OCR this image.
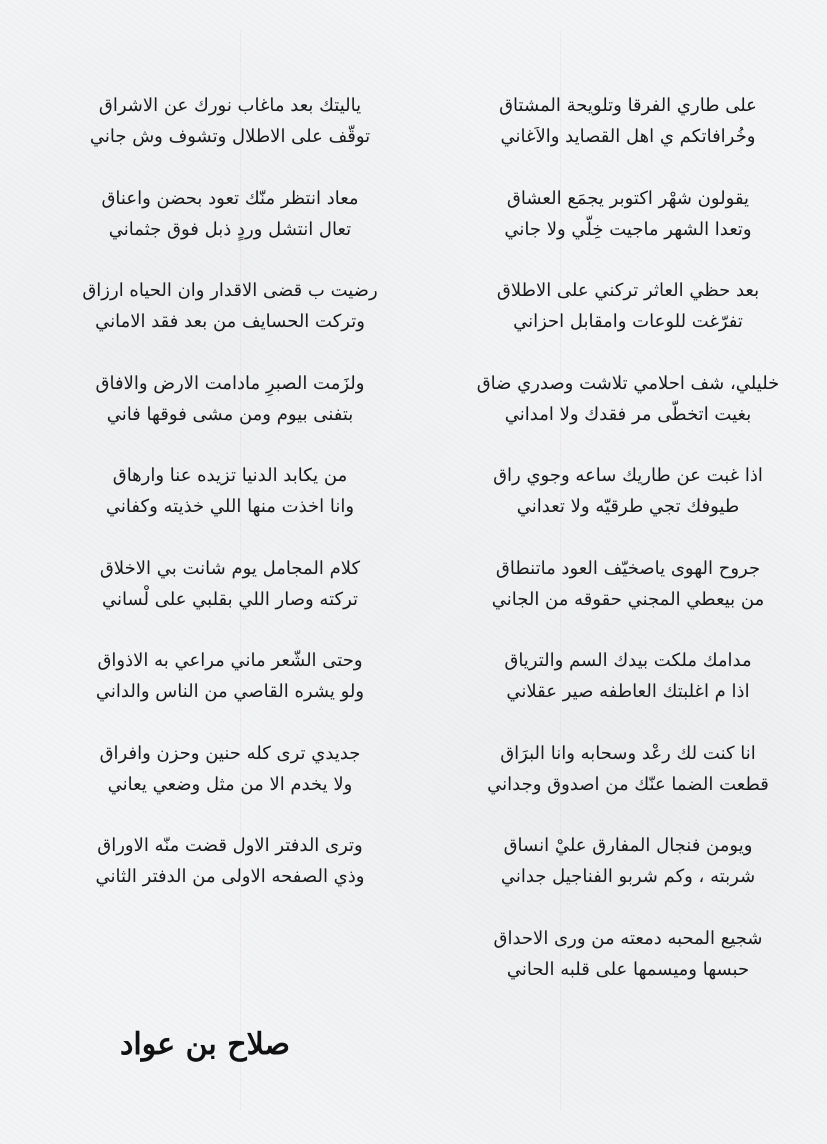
على طاري الفرقا وتلويحة المشتاق
وخُرافاتكم ي اهل القصايد والاَغاني
يقولون شهْر اكتوبر يجمَع العشاق
وتعدا الشهر ماجيت خِلّي ولا جاني
بعد حظي العاثر تركني على الاطلاق
تفرّغت للوعات وامقابل احزاني
خليلي، شف احلامي تلاشت وصدري ضاق
بغيت اتخطّى مر فقدك ولا امداني
اذا غبت عن طاريك ساعه وجوي راق
طيوفك تجي طرقيّه ولا تعداني
جروح الهوى ياصخيّف العود ماتنطاق
من بيعطي المجني حقوقه من الجاني
مدامك ملكت بيدك السم والترياق
اذا م اغلبتك العاطفه صير عقلاني
انا كنت لك رعْد وسحابه وانا البرَاق
قطعت الضما عنّك من اصدوق وجداني
ويومن فنجال المفارق عليْ انساق
شربته ، وكم شربو الفناجيل جداني
شجيع المحبه دمعته من ورى الاحداق
حبسها وميسمها على قلبه الحاني
ياليتك بعد ماغاب نورك عن الاشراق
توقّف على الاطلال وتشوف وش جاني
معاد انتظر منّك تعود بحضن واعناق
تعال انتشل وردٍ ذبل فوق جثماني
رضيت ب قضى الاقدار وان الحياه ارزاق
وتركت الحسايف من بعد فقد الاماني
ولزَمت الصبرِ مادامت الارض والافاق
بتفنى بيوم ومن مشى فوقها فاني
من يكابد الدنيا تزيده عنا وارهاق
وانا اخذت منها اللي خذيته وكفاني
كلام المجامل يوم شانت بي الاخلاق
تركته وصار اللي بقلبي على لْساني
وحتى الشّعر ماني مراعي به الاذواق
ولو يشره القاصي من الناس والداني
جديدي ترى كله حنين وحزن وافراق
ولا يخدم الا من مثل وضعي يعاني
وترى الدفتر الاول قضت منّه الاوراق
وذي الصفحه الاولى من الدفتر الثاني
صلاح بن عواد
